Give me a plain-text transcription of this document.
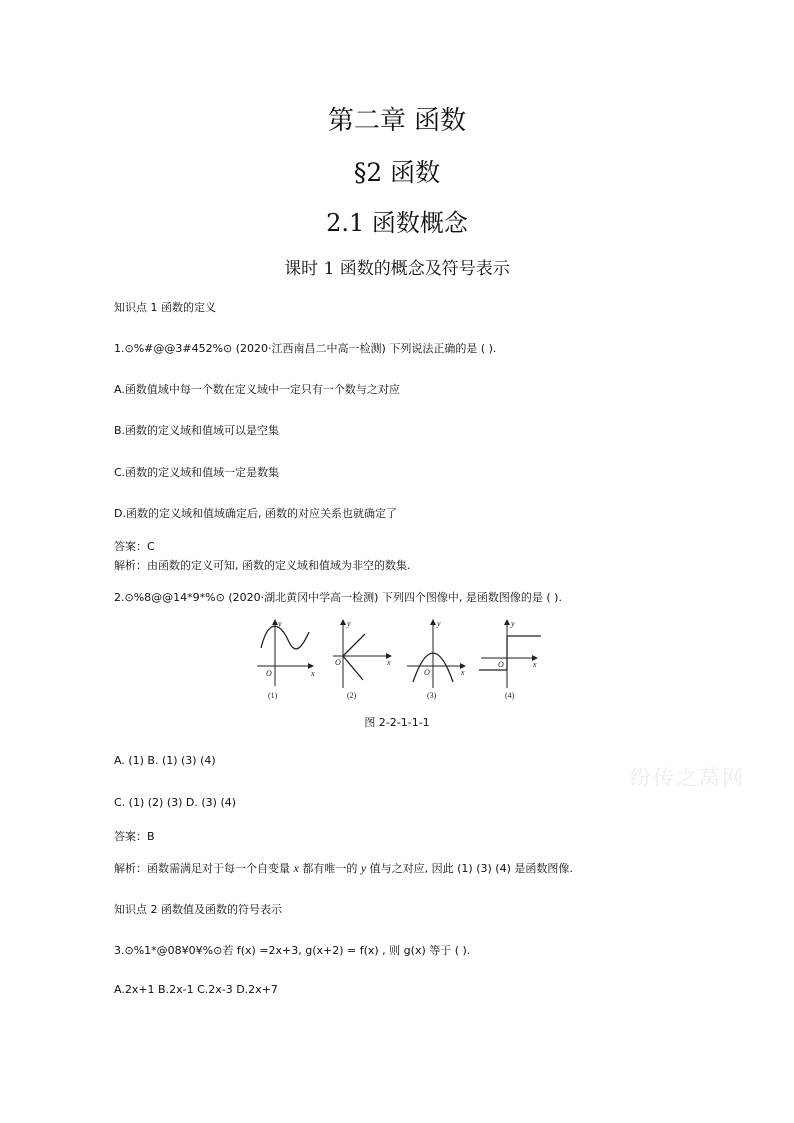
第二章 函数
§2 函数
2.1 函数概念
课时 1 函数的概念及符号表示
知识点 1 函数的定义
1.⊙%#@@3#452%⊙ (2020·江西南昌二中高一检测) 下列说法正确的是 ( ).
A.函数值域中每一个数在定义域中一定只有一个数与之对应
B.函数的定义域和值域可以是空集
C.函数的定义域和值域一定是数集
D.函数的定义域和值域确定后, 函数的对应关系也就确定了
答案：C
解析：由函数的定义可知, 函数的定义域和值域为非空的数集.
2.⊙%8@@14*9*%⊙ (2020·湖北黄冈中学高一检测) 下列四个图像中, 是函数图像的是 ( ).
y
x
O
y
x
O
y
x
O
y
x
O
(1)	(2)	(3)	(4)
图 2-2-1-1-1
纷传之莴网
A. (1) B. (1) (3) (4)
C. (1) (2) (3) D. (3) (4)
答案：B
解析：函数需满足对于每一个自变量 x 都有唯一的 y 值与之对应, 因此 (1) (3) (4) 是函数图像.
知识点 2 函数值及函数的符号表示
3.⊙%1*@08¥0¥%⊙若 f(x) =2x+3, g(x+2) = f(x) , 则 g(x) 等于 ( ).
A.2x+1 B.2x-1 C.2x-3 D.2x+7
